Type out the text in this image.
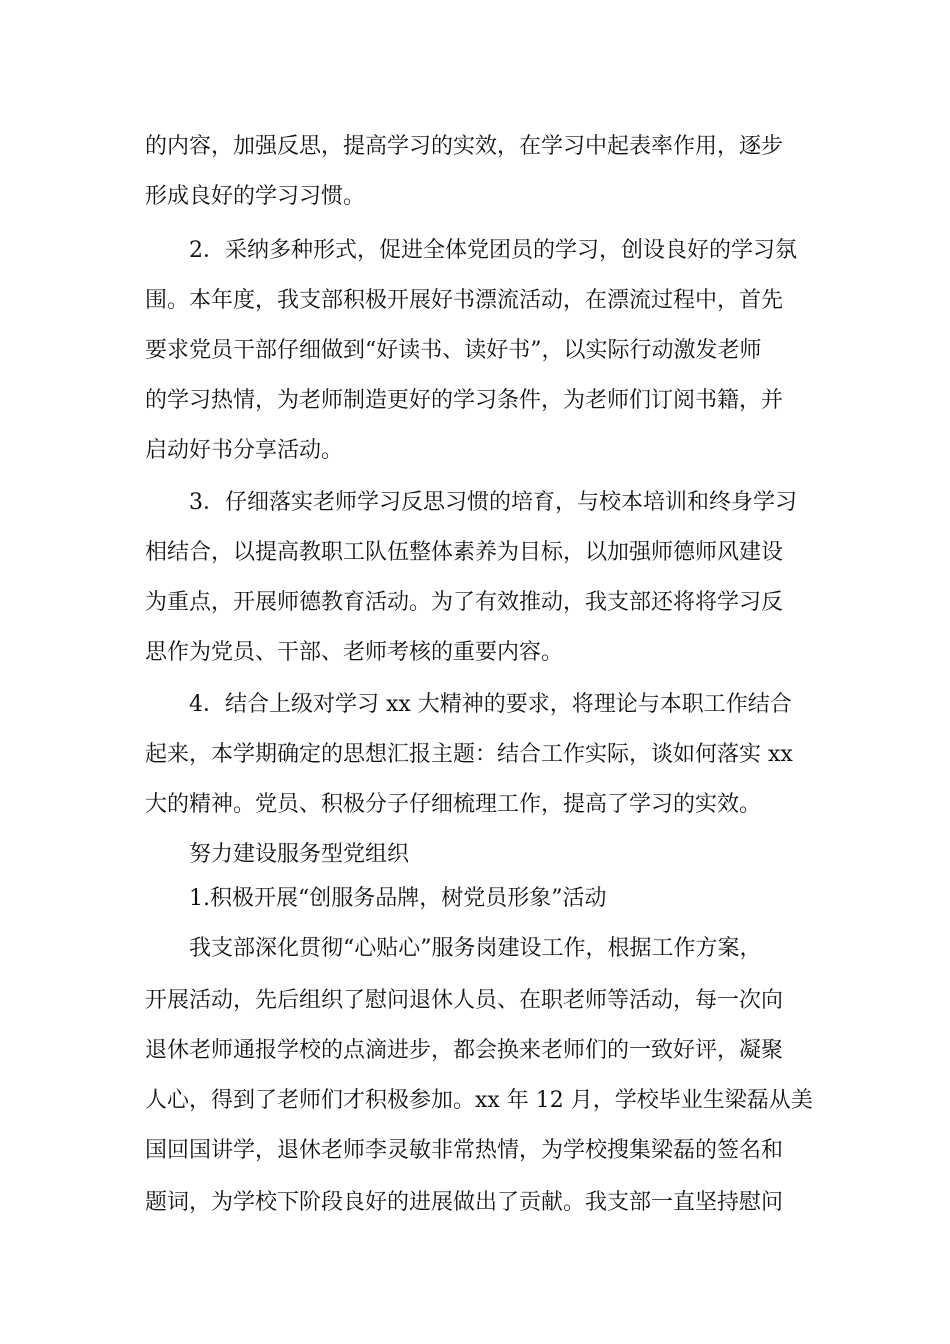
的内容，加强反思，提高学习的实效，在学习中起表率作用，逐步
形成良好的学习习惯。
2．采纳多种形式，促进全体党团员的学习，创设良好的学习氛
围。本年度，我支部积极开展好书漂流活动，在漂流过程中，首先
要求党员干部仔细做到“好读书、读好书”，以实际行动激发老师
的学习热情，为老师制造更好的学习条件，为老师们订阅书籍，并
启动好书分享活动。
3．仔细落实老师学习反思习惯的培育，与校本培训和终身学习
相结合，以提高教职工队伍整体素养为目标，以加强师德师风建设
为重点，开展师德教育活动。为了有效推动，我支部还将将学习反
思作为党员、干部、老师考核的重要内容。
4．结合上级对学习 xx 大精神的要求，将理论与本职工作结合
起来，本学期确定的思想汇报主题：结合工作实际，谈如何落实 xx
大的精神。党员、积极分子仔细梳理工作，提高了学习的实效。
努力建设服务型党组织
1.积极开展“创服务品牌，树党员形象”活动
我支部深化贯彻“心贴心”服务岗建设工作，根据工作方案，
开展活动，先后组织了慰问退休人员、在职老师等活动，每一次向
退休老师通报学校的点滴进步，都会换来老师们的一致好评，凝聚
人心，得到了老师们才积极参加。xx 年 12 月，学校毕业生梁磊从美
国回国讲学，退休老师李灵敏非常热情，为学校搜集梁磊的签名和
题词，为学校下阶段良好的进展做出了贡献。我支部一直坚持慰问
